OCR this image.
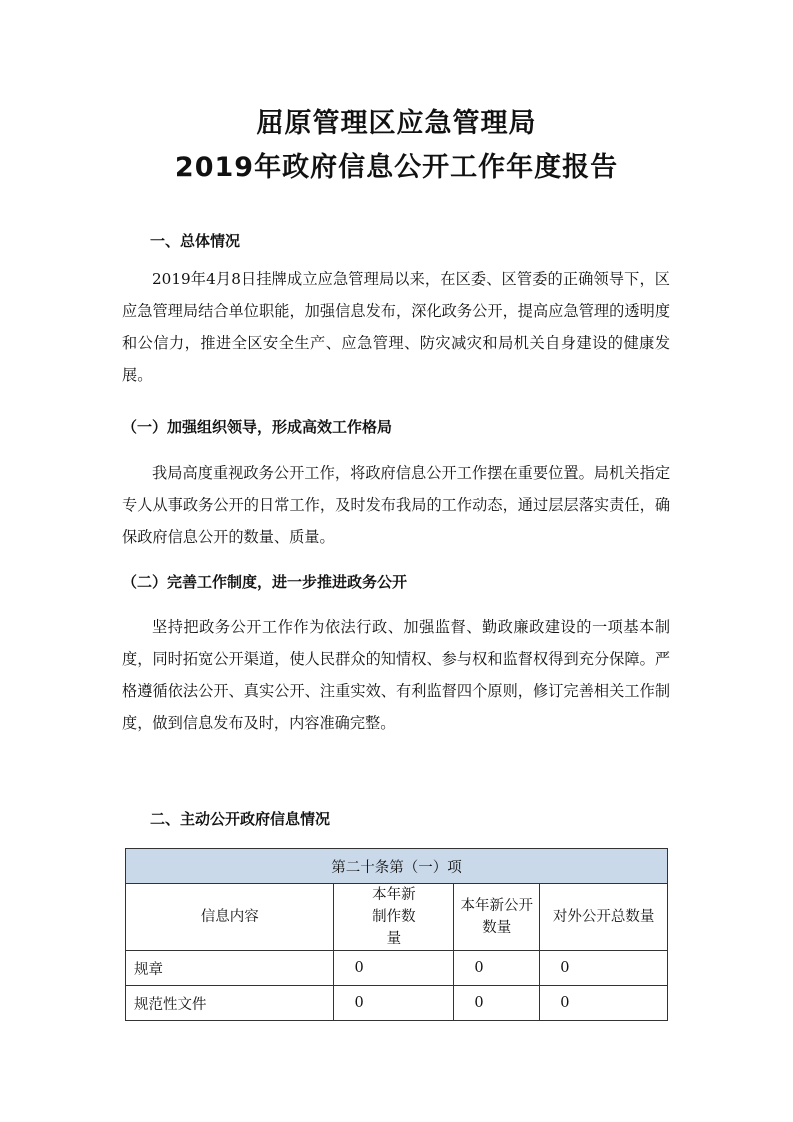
屈原管理区应急管理局
2019年政府信息公开工作年度报告
一、总体情况

2019年4月8日挂牌成立应急管理局以来，在区委、区管委的正确领导下，区应急管理局结合单位职能，加强信息发布，深化政务公开，提高应急管理的透明度和公信力，推进全区安全生产、应急管理、防灾减灾和局机关自身建设的健康发展。

（一）加强组织领导，形成高效工作格局

我局高度重视政务公开工作，将政府信息公开工作摆在重要位置。局机关指定专人从事政务公开的日常工作，及时发布我局的工作动态，通过层层落实责任，确保政府信息公开的数量、质量。

（二）完善工作制度，进一步推进政务公开

坚持把政务公开工作作为依法行政、加强监督、勤政廉政建设的一项基本制度，同时拓宽公开渠道，使人民群众的知情权、参与权和监督权得到充分保障。严格遵循依法公开、真实公开、注重实效、有利监督四个原则，修订完善相关工作制度，做到信息发布及时，内容准确完整。

二、主动公开政府信息情况
第二十条第（一）项			
信息内容	本年新制作数量	本年新公开数量	对外公开总数量
规章	0	0	0
规范性文件	0	0	0
